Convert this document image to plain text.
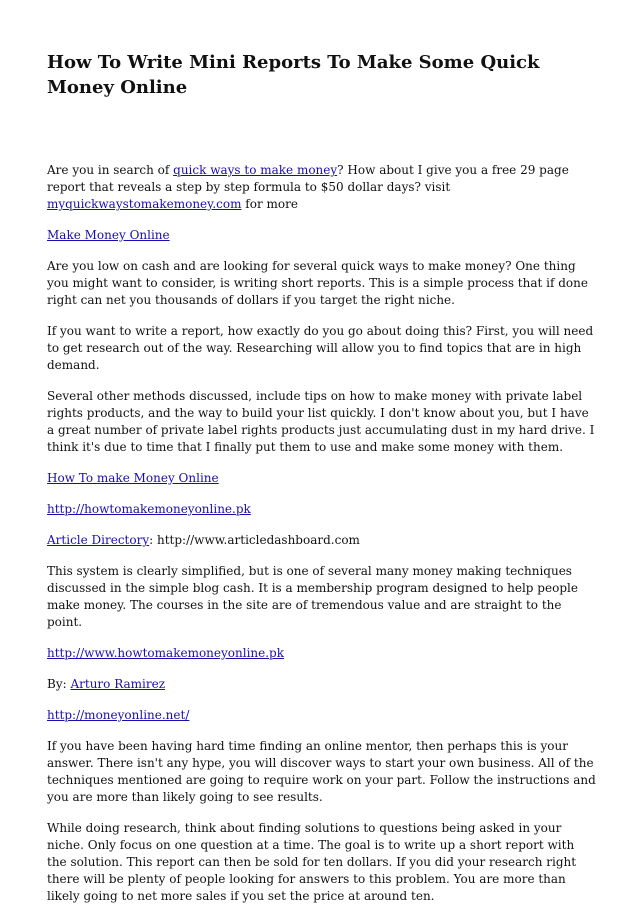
How To Write Mini Reports To Make Some Quick Money Online

Are you in search of quick ways to make money? How about I give you a free 29 page report that reveals a step by step formula to $50 dollar days? visit myquickwaystomakemoney.com for more

Make Money Online

Are you low on cash and are looking for several quick ways to make money? One thing you might want to consider, is writing short reports. This is a simple process that if done right can net you thousands of dollars if you target the right niche.

If you want to write a report, how exactly do you go about doing this? First, you will need to get research out of the way. Researching will allow you to find topics that are in high demand.

Several other methods discussed, include tips on how to make money with private label rights products, and the way to build your list quickly. I don't know about you, but I have a great number of private label rights products just accumulating dust in my hard drive. I think it's due to time that I finally put them to use and make some money with them.

How To make Money Online

http://howtomakemoneyonline.pk

Article Directory: http://www.articledashboard.com

This system is clearly simplified, but is one of several many money making techniques discussed in the simple blog cash. It is a membership program designed to help people make money. The courses in the site are of tremendous value and are straight to the point.

http://www.howtomakemoneyonline.pk

By: Arturo Ramirez

http://moneyonline.net/

If you have been having hard time finding an online mentor, then perhaps this is your answer. There isn't any hype, you will discover ways to start your own business. All of the techniques mentioned are going to require work on your part. Follow the instructions and you are more than likely going to see results.

While doing research, think about finding solutions to questions being asked in your niche. Only focus on one question at a time. The goal is to write up a short report with the solution. This report can then be sold for ten dollars. If you did your research right there will be plenty of people looking for answers to this problem. You are more than likely going to net more sales if you set the price at around ten.
